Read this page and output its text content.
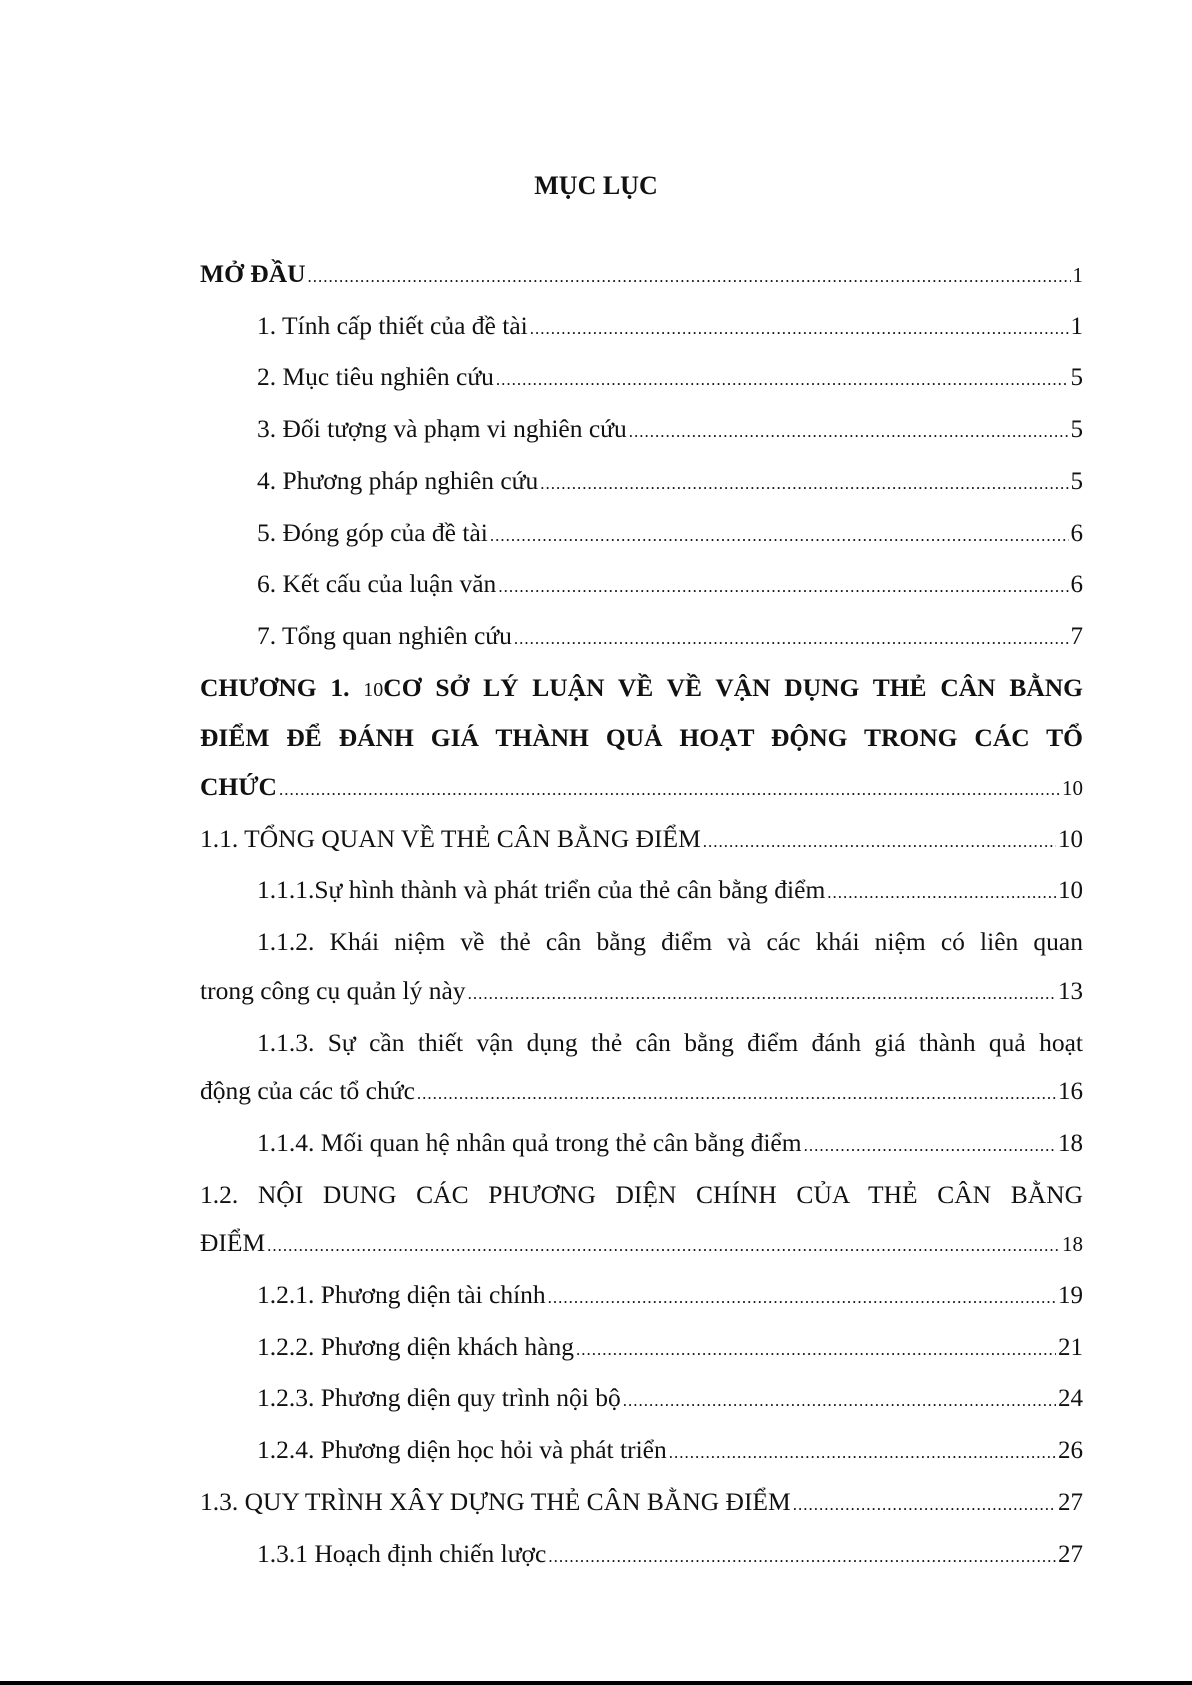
MỤC LỤC
MỞ ĐẦU .....	1
1. Tính cấp thiết của đề tài .....	1
2. Mục tiêu nghiên cứu .....	5
3. Đối tượng và phạm vi nghiên cứu .....	5
4. Phương pháp nghiên cứu .....	5
5. Đóng góp của đề tài .....	6
6. Kết cấu của luận văn .....	6
7. Tổng quan nghiên cứu .....	7
CHƯƠNG 1. 10CƠ SỞ LÝ LUẬN VỀ VỀ VẬN DỤNG THẺ CÂN BẰNG
ĐIỂM ĐỂ ĐÁNH GIÁ THÀNH QUẢ HOẠT ĐỘNG TRONG CÁC TỔ
CHỨC .....	10
1.1. TỔNG QUAN VỀ THẺ CÂN BẰNG ĐIỂM .....	10
1.1.1.Sự hình thành và phát triển của thẻ cân bằng điểm .....	10
1.1.2. Khái niệm về thẻ cân bằng điểm và các khái niệm có liên quan
trong công cụ quản lý này .....	13
1.1.3. Sự cần thiết vận dụng thẻ cân bằng điểm đánh giá thành quả hoạt
động của các tổ chức .....	16
1.1.4. Mối quan hệ nhân quả trong thẻ cân bằng điểm .....	18
1.2. NỘI DUNG CÁC PHƯƠNG DIỆN CHÍNH CỦA THẺ CÂN BẰNG
ĐIỂM .....	18
1.2.1. Phương diện tài chính .....	19
1.2.2. Phương diện khách hàng .....	21
1.2.3. Phương diện quy trình nội bộ .....	24
1.2.4. Phương diện học hỏi và phát triển .....	26
1.3. QUY TRÌNH XÂY DỰNG THẺ CÂN BẰNG ĐIỂM .....	27
1.3.1 Hoạch định chiến lược .....	27
